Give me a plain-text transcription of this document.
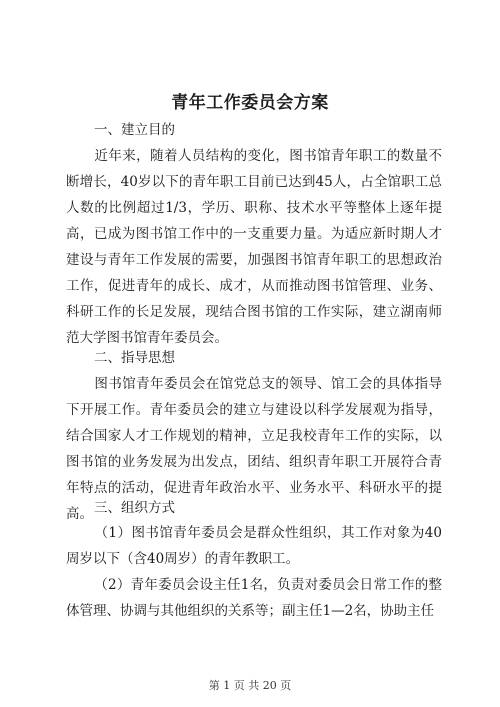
青年工作委员会方案
一、建立目的
近年来，随着人员结构的变化，图书馆青年职工的数量不断增长，40岁以下的青年职工目前已达到45人，占全馆职工总人数的比例超过1/3，学历、职称、技术水平等整体上逐年提高，已成为图书馆工作中的一支重要力量。为适应新时期人才建设与青年工作发展的需要，加强图书馆青年职工的思想政治工作，促进青年的成长、成才，从而推动图书馆管理、业务、科研工作的长足发展，现结合图书馆的工作实际，建立湖南师范大学图书馆青年委员会。
二、指导思想
图书馆青年委员会在馆党总支的领导、馆工会的具体指导下开展工作。青年委员会的建立与建设以科学发展观为指导，结合国家人才工作规划的精神，立足我校青年工作的实际，以图书馆的业务发展为出发点，团结、组织青年职工开展符合青年特点的活动，促进青年政治水平、业务水平、科研水平的提高。 三、组织方式
（1）图书馆青年委员会是群众性组织，其工作对象为40周岁以下（含40周岁）的青年教职工。
（2）青年委员会设主任1名，负责对委员会日常工作的整体管理、协调与其他组织的关系等；副主任1—2名，协助主任
第 1 页 共 20 页
